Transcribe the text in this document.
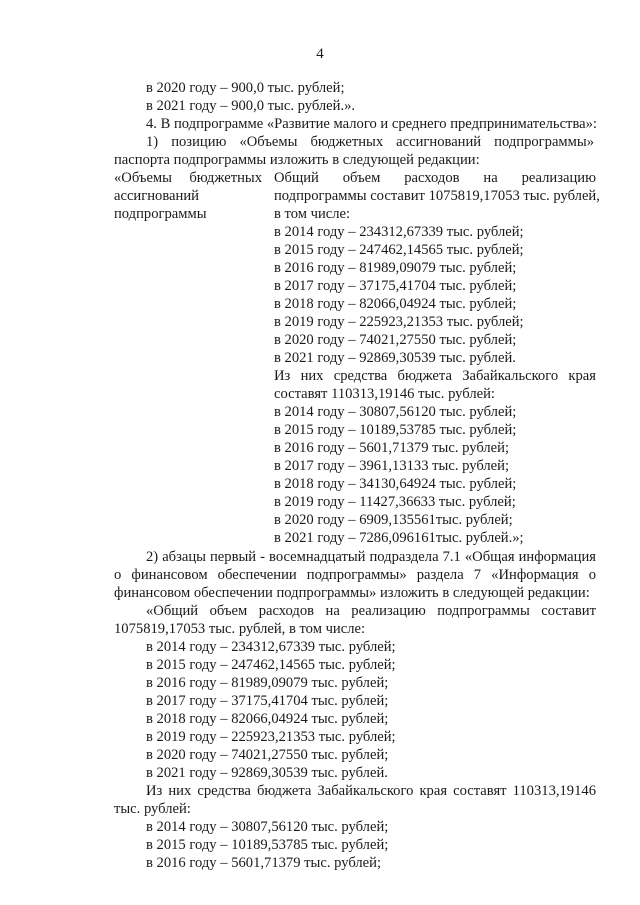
4
в 2020 году – 900,0 тыс. рублей;
в 2021 году – 900,0 тыс. рублей.».
4. В подпрограмме «Развитие малого и среднего предпринимательства»:
1) позицию «Объемы бюджетных ассигнований подпрограммы»
паспорта подпрограммы изложить в следующей редакции:
«Объемы бюджетных
ассигнований
подпрограммы
Общий объем расходов на реализацию
подпрограммы составит 1075819,17053 тыс. рублей,
в том числе:
в 2014 году – 234312,67339 тыс. рублей;
в 2015 году – 247462,14565 тыс. рублей;
в 2016 году – 81989,09079 тыс. рублей;
в 2017 году – 37175,41704 тыс. рублей;
в 2018 году – 82066,04924 тыс. рублей;
в 2019 году – 225923,21353 тыс. рублей;
в 2020 году – 74021,27550 тыс. рублей;
в 2021 году – 92869,30539 тыс. рублей.
Из них средства бюджета Забайкальского края
составят 110313,19146 тыс. рублей:
в 2014 году – 30807,56120 тыс. рублей;
в 2015 году – 10189,53785 тыс. рублей;
в 2016 году – 5601,71379 тыс. рублей;
в 2017 году – 3961,13133 тыс. рублей;
в 2018 году – 34130,64924 тыс. рублей;
в 2019 году – 11427,36633 тыс. рублей;
в 2020 году – 6909,135561тыс. рублей;
в 2021 году – 7286,096161тыс. рублей.»;
2) абзацы первый - восемнадцатый подраздела 7.1 «Общая информация
о финансовом обеспечении подпрограммы» раздела 7 «Информация о
финансовом обеспечении подпрограммы» изложить в следующей редакции:
«Общий объем расходов на реализацию подпрограммы составит
1075819,17053 тыс. рублей, в том числе:
в 2014 году – 234312,67339 тыс. рублей;
в 2015 году – 247462,14565 тыс. рублей;
в 2016 году – 81989,09079 тыс. рублей;
в 2017 году – 37175,41704 тыс. рублей;
в 2018 году – 82066,04924 тыс. рублей;
в 2019 году – 225923,21353 тыс. рублей;
в 2020 году – 74021,27550 тыс. рублей;
в 2021 году – 92869,30539 тыс. рублей.
Из них средства бюджета Забайкальского края составят 110313,19146
тыс. рублей:
в 2014 году – 30807,56120 тыс. рублей;
в 2015 году – 10189,53785 тыс. рублей;
в 2016 году – 5601,71379 тыс. рублей;
